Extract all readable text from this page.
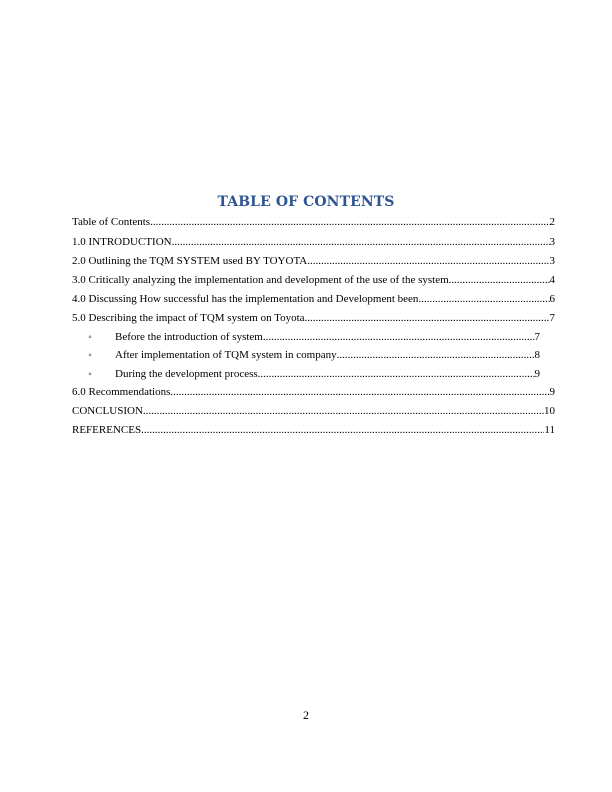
TABLE OF CONTENTS
Table of Contents .....	2
1.0 INTRODUCTION .....	3
2.0 Outlining the TQM SYSTEM used BY TOYOTA .....	3
3.0 Critically analyzing the implementation and development of the use of the system .....	4
4.0 Discussing How successful has the implementation and Development been .....	6
5.0 Describing the impact of TQM system on Toyota .....	7
◦ Before the introduction of system .....	7
◦ After implementation of TQM system in company .....	8
◦ During the development process .....	9
6.0 Recommendations .....	9
CONCLUSION .....	10
REFERENCES .....	11
2
